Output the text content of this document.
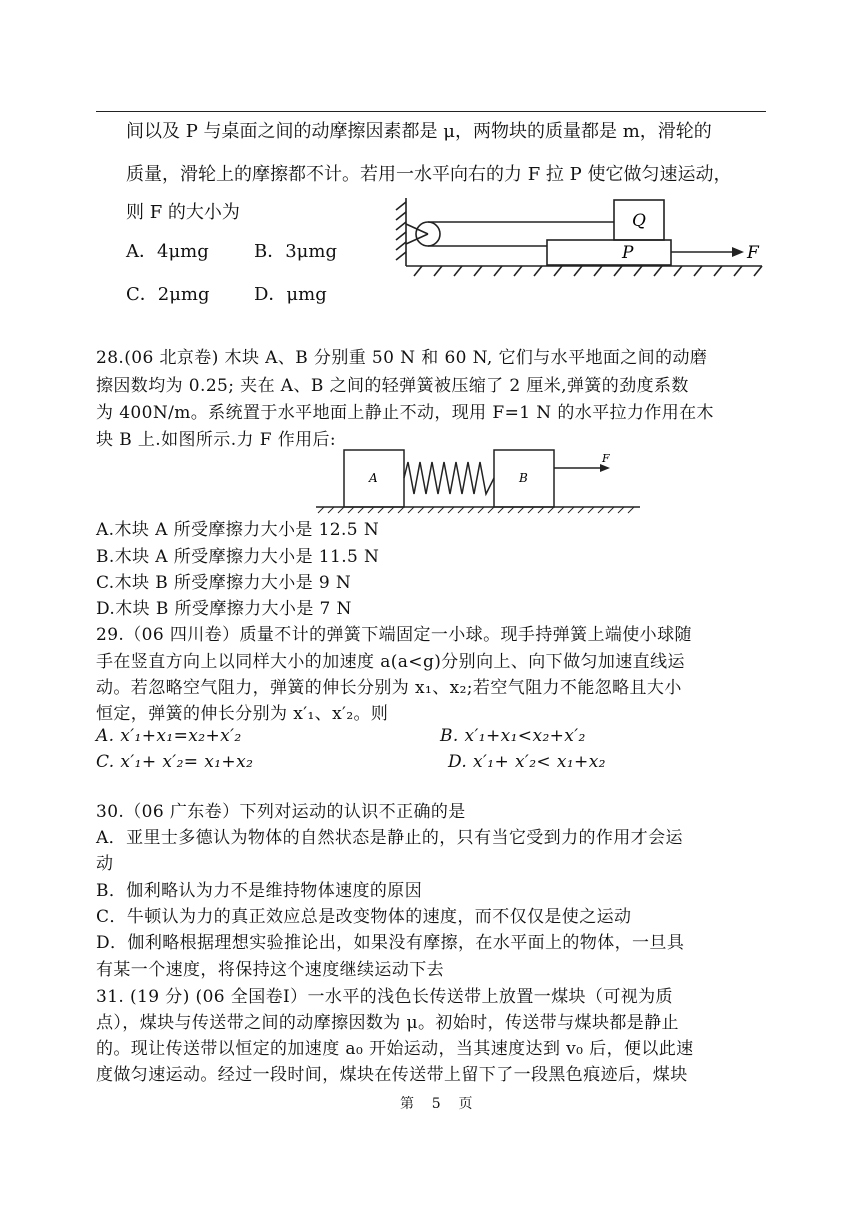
间以及 P 与桌面之间的动摩擦因素都是 μ，两物块的质量都是 m，滑轮的
质量，滑轮上的摩擦都不计。若用一水平向右的力 F 拉 P 使它做匀速运动，
则 F 的大小为
A．4μmg	B．3μmg
C．2μmg D．μmg
Q
P	F
28.(06 北京卷) 木块 A、B 分别重 50 N 和 60 N, 它们与水平地面之间的动磨
擦因数均为 0.25; 夹在 A、B 之间的轻弹簧被压缩了 2 厘米,弹簧的劲度系数
为 400N/m。系统置于水平地面上静止不动，现用 F=1 N 的水平拉力作用在木
块 B 上.如图所示.力 F 作用后:
A	B
F
A.木块 A 所受摩擦力大小是 12.5 N
B.木块 A 所受摩擦力大小是 11.5 N
C.木块 B 所受摩擦力大小是 9 N
D.木块 B 所受摩擦力大小是 7 N
29.（06 四川卷）质量不计的弹簧下端固定一小球。现手持弹簧上端使小球随
手在竖直方向上以同样大小的加速度 a(a<g)分别向上、向下做匀加速直线运
动。若忽略空气阻力，弹簧的伸长分别为 x₁、x₂;若空气阻力不能忽略且大小
恒定，弹簧的伸长分别为 x′₁、x′₂。则
A. x′₁+x₁=x₂+x′₂	B. x′₁+x₁<x₂+x′₂
C. x′₁+ x′₂= x₁+x₂	D. x′₁+ x′₂< x₁+x₂
30.（06 广东卷）下列对运动的认识不正确的是
A．亚里士多德认为物体的自然状态是静止的，只有当它受到力的作用才会运
动
B．伽利略认为力不是维持物体速度的原因
C．牛顿认为力的真正效应总是改变物体的速度，而不仅仅是使之运动
D．伽利略根据理想实验推论出，如果没有摩擦，在水平面上的物体，一旦具
有某一个速度，将保持这个速度继续运动下去
31. (19 分) (06 全国卷Ⅰ）一水平的浅色长传送带上放置一煤块（可视为质
点），煤块与传送带之间的动摩擦因数为 μ。初始时，传送带与煤块都是静止
的。现让传送带以恒定的加速度 a₀ 开始运动，当其速度达到 v₀ 后，便以此速
度做匀速运动。经过一段时间，煤块在传送带上留下了一段黑色痕迹后，煤块
第    5    页
